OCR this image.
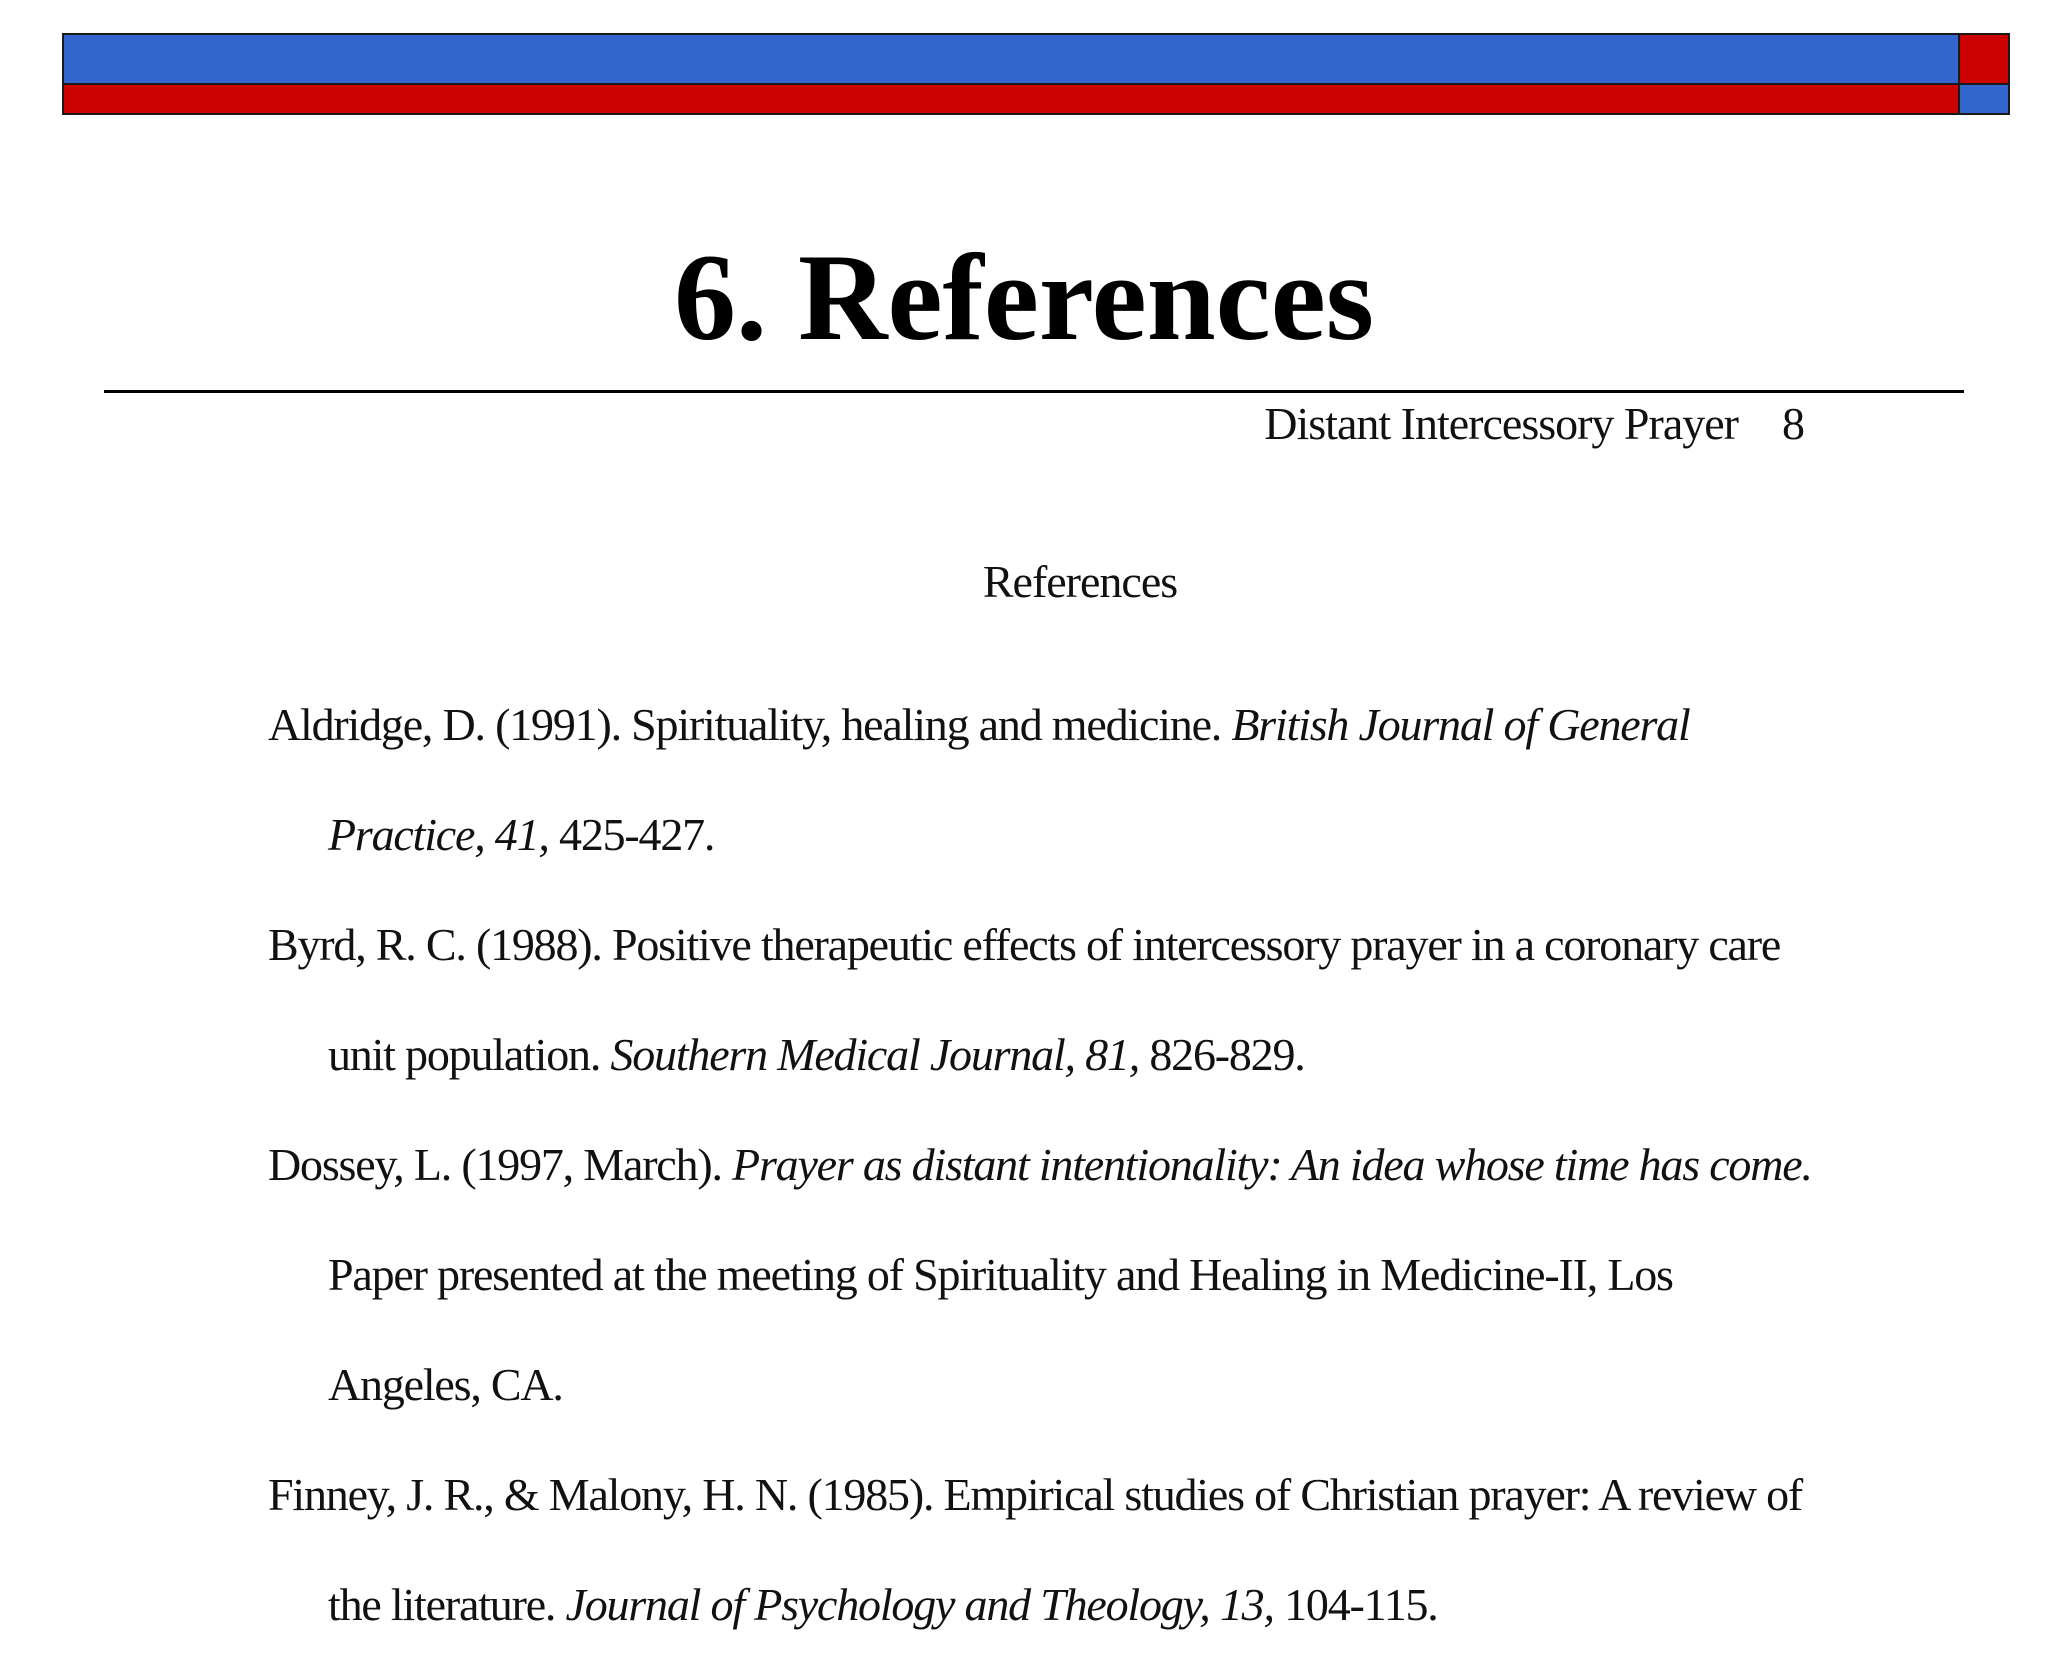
6. References
Distant Intercessory Prayer 8
References

Aldridge, D. (1991). Spirituality, healing and medicine. British Journal of General Practice, 41, 425-427.

Byrd, R. C. (1988). Positive therapeutic effects of intercessory prayer in a coronary care unit population. Southern Medical Journal, 81, 826-829.

Dossey, L. (1997, March). Prayer as distant intentionality: An idea whose time has come. Paper presented at the meeting of Spirituality and Healing in Medicine-II, Los Angeles, CA.

Finney, J. R., & Malony, H. N. (1985). Empirical studies of Christian prayer: A review of the literature. Journal of Psychology and Theology, 13, 104-115.
